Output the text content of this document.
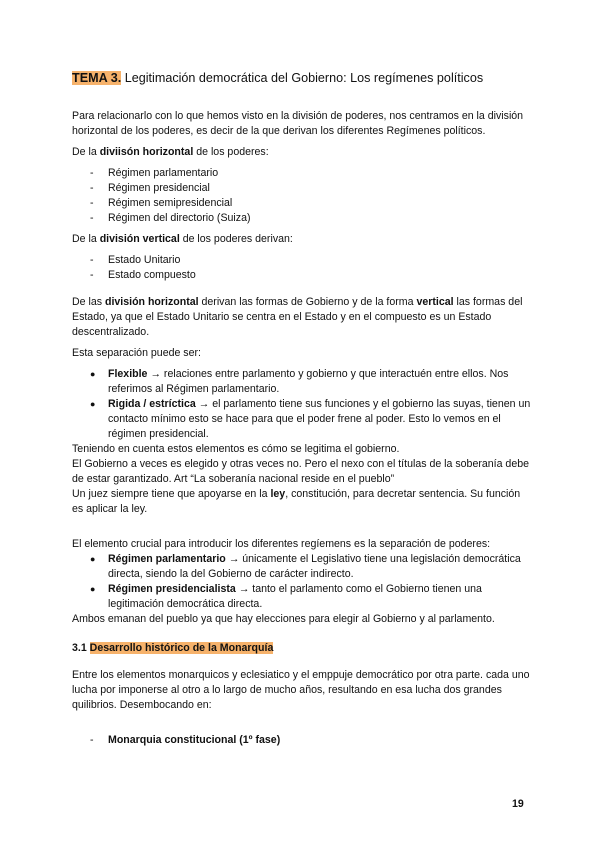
TEMA 3. Legitimación democrática del Gobierno: Los regímenes políticos

Para relacionarlo con lo que hemos visto en la división de poderes, nos centramos en la división horizontal de los poderes, es decir de la que derivan los diferentes Regímenes políticos.

De la diviisón horizontal de los poderes:

- Régimen parlamentario
- Régimen presidencial
- Régimen semipresidencial
- Régimen del directorio (Suiza)

De la división vertical de los poderes derivan:

- Estado Unitario
- Estado compuesto

De las división horizontal derivan las formas de Gobierno y de la forma vertical las formas del Estado, ya que el Estado Unitario se centra en el Estado y en el compuesto es un Estado descentralizado.

Esta separación puede ser:

● Flexible → relaciones entre parlamento y gobierno y que interactuén entre ellos. Nos referimos al Régimen parlamentario.
● Rigida / estríctica → el parlamento tiene sus funciones y el gobierno las suyas, tienen un contacto mínimo esto se hace para que el poder frene al poder. Esto lo vemos en el régimen presidencial.

Teniendo en cuenta estos elementos es cómo se legitima el gobierno.

El Gobierno a veces es elegido y otras veces no. Pero el nexo con el títulas de la soberanía debe de estar garantizado. Art “La soberanía nacional reside en el pueblo”

Un juez siempre tiene que apoyarse en la ley, constitución, para decretar sentencia. Su función es aplicar la ley.

El elemento crucial para introducir los diferentes regíemens es la separación de poderes:

● Régimen parlamentario → únicamente el Legislativo tiene una legislación democrática directa, siendo la del Gobierno de carácter indirecto.
● Régimen presidencialista → tanto el parlamento como el Gobierno tienen una legitimación democrática directa.

Ambos emanan del pueblo ya que hay elecciones para elegir al Gobierno y al parlamento.

3.1 Desarrollo histórico de la Monarquía

Entre los elementos monarquicos y eclesiatico y el emppuje democrático por otra parte. cada uno lucha por imponerse al otro a lo largo de mucho años, resultando en esa lucha dos grandes quilibrios. Desembocando en:

- Monarquia constitucional (1º fase)
19
